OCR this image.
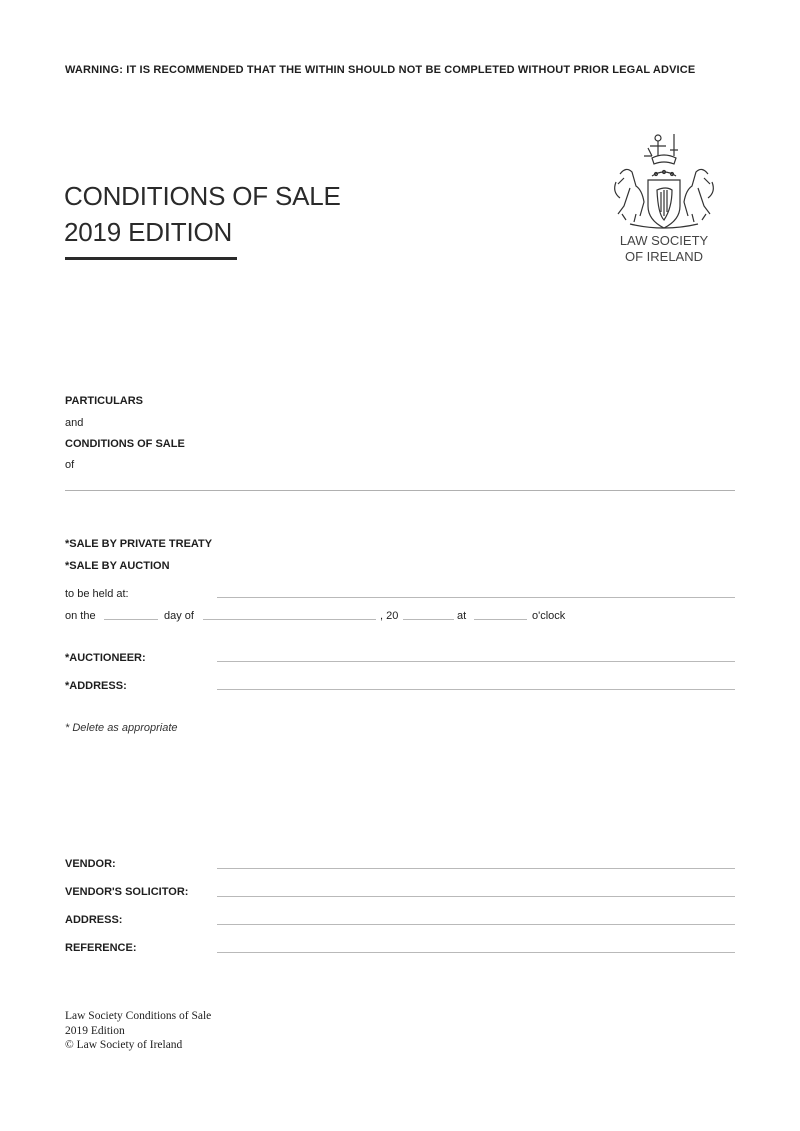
WARNING: IT IS RECOMMENDED THAT THE WITHIN SHOULD NOT BE COMPLETED WITHOUT PRIOR LEGAL ADVICE
CONDITIONS OF SALE
2019 EDITION	LAW SOCIETY
OF IRELAND
PARTICULARS
and
CONDITIONS OF SALE
of
*SALE BY PRIVATE TREATY
*SALE BY AUCTION
to be held at:
on the	day of	, 20	at	o'clock
*AUCTIONEER:
*ADDRESS:
* Delete as appropriate
VENDOR:
VENDOR'S SOLICITOR:
ADDRESS:
REFERENCE:
Law Society Conditions of Sale
2019 Edition
© Law Society of Ireland
